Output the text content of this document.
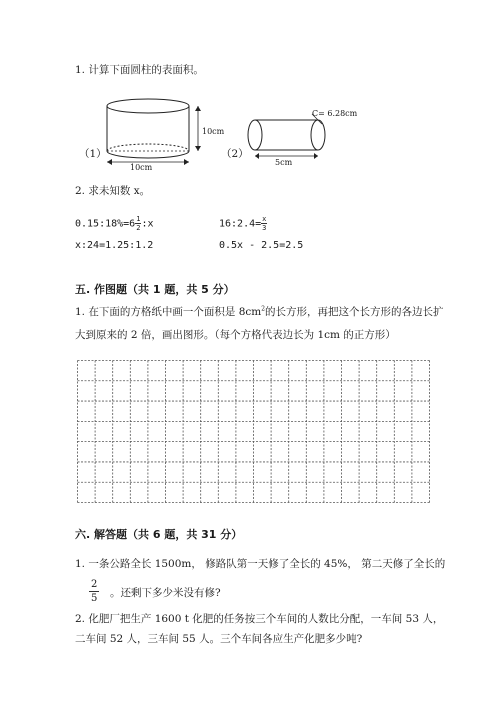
1. 计算下面圆柱的表面积。
（1）
10cm
10cm
（2）
C= 6.28cm
5cm
2. 求未知数 x。
0.15:18%=6 $\frac{1}{2}$ :x	16:2.4= $\frac{x}{3}$
x:24=1.25:1.2	0.5x - 2.5=2.5
五. 作图题（共 1 题，共 5 分）
1. 在下面的方格纸中画一个面积是 $8cm^2$的长方形，再把这个长方形的各边长扩
大到原来的 2 倍，画出图形。（每个方格代表边长为 1cm 的正方形）
六. 解答题（共 6 题，共 31 分）
1. 一条公路全长 1500m， 修路队第一天修了全长的 45%， 第二天修了全长的
$\frac{2}{5}$ 。还剩下多少米没有修?
2. 化肥厂把生产 1600 t 化肥的任务按三个车间的人数比分配，一车间 53 人，
二车间 52 人，三车间 55 人。三个车间各应生产化肥多少吨?
